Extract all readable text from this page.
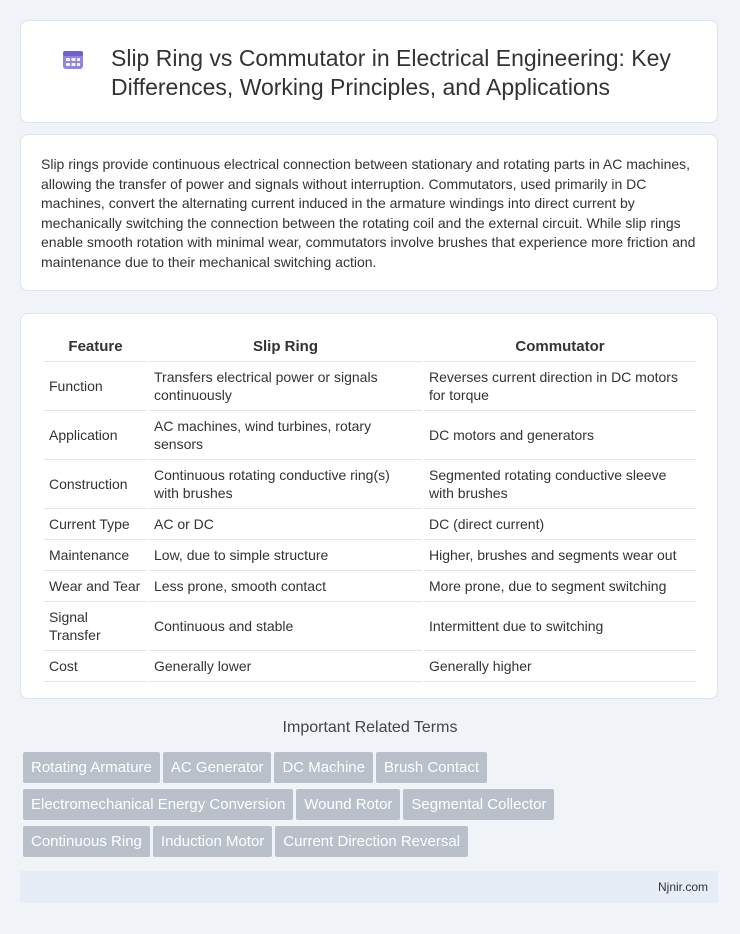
Slip Ring vs Commutator in Electrical Engineering: Key Differences, Working Principles, and Applications

Slip rings provide continuous electrical connection between stationary and rotating parts in AC machines, allowing the transfer of power and signals without interruption. Commutators, used primarily in DC machines, convert the alternating current induced in the armature windings into direct current by mechanically switching the connection between the rotating coil and the external circuit. While slip rings enable smooth rotation with minimal wear, commutators involve brushes that experience more friction and maintenance due to their mechanical switching action.

Feature	Slip Ring	Commutator
Function	Transfers electrical power or signals continuously	Reverses current direction in DC motors for torque
Application	AC machines, wind turbines, rotary sensors	DC motors and generators
Construction	Continuous rotating conductive ring(s) with brushes	Segmented rotating conductive sleeve with brushes
Current Type	AC or DC	DC (direct current)
Maintenance	Low, due to simple structure	Higher, brushes and segments wear out
Wear and Tear	Less prone, smooth contact	More prone, due to segment switching
Signal Transfer	Continuous and stable	Intermittent due to switching
Cost	Generally lower	Generally higher
Important Related Terms
Rotating Armature AC Generator DC Machine Brush Contact
Electromechanical Energy Conversion Wound Rotor Segmental Collector
Continuous Ring Induction Motor Current Direction Reversal
Njnir.com
